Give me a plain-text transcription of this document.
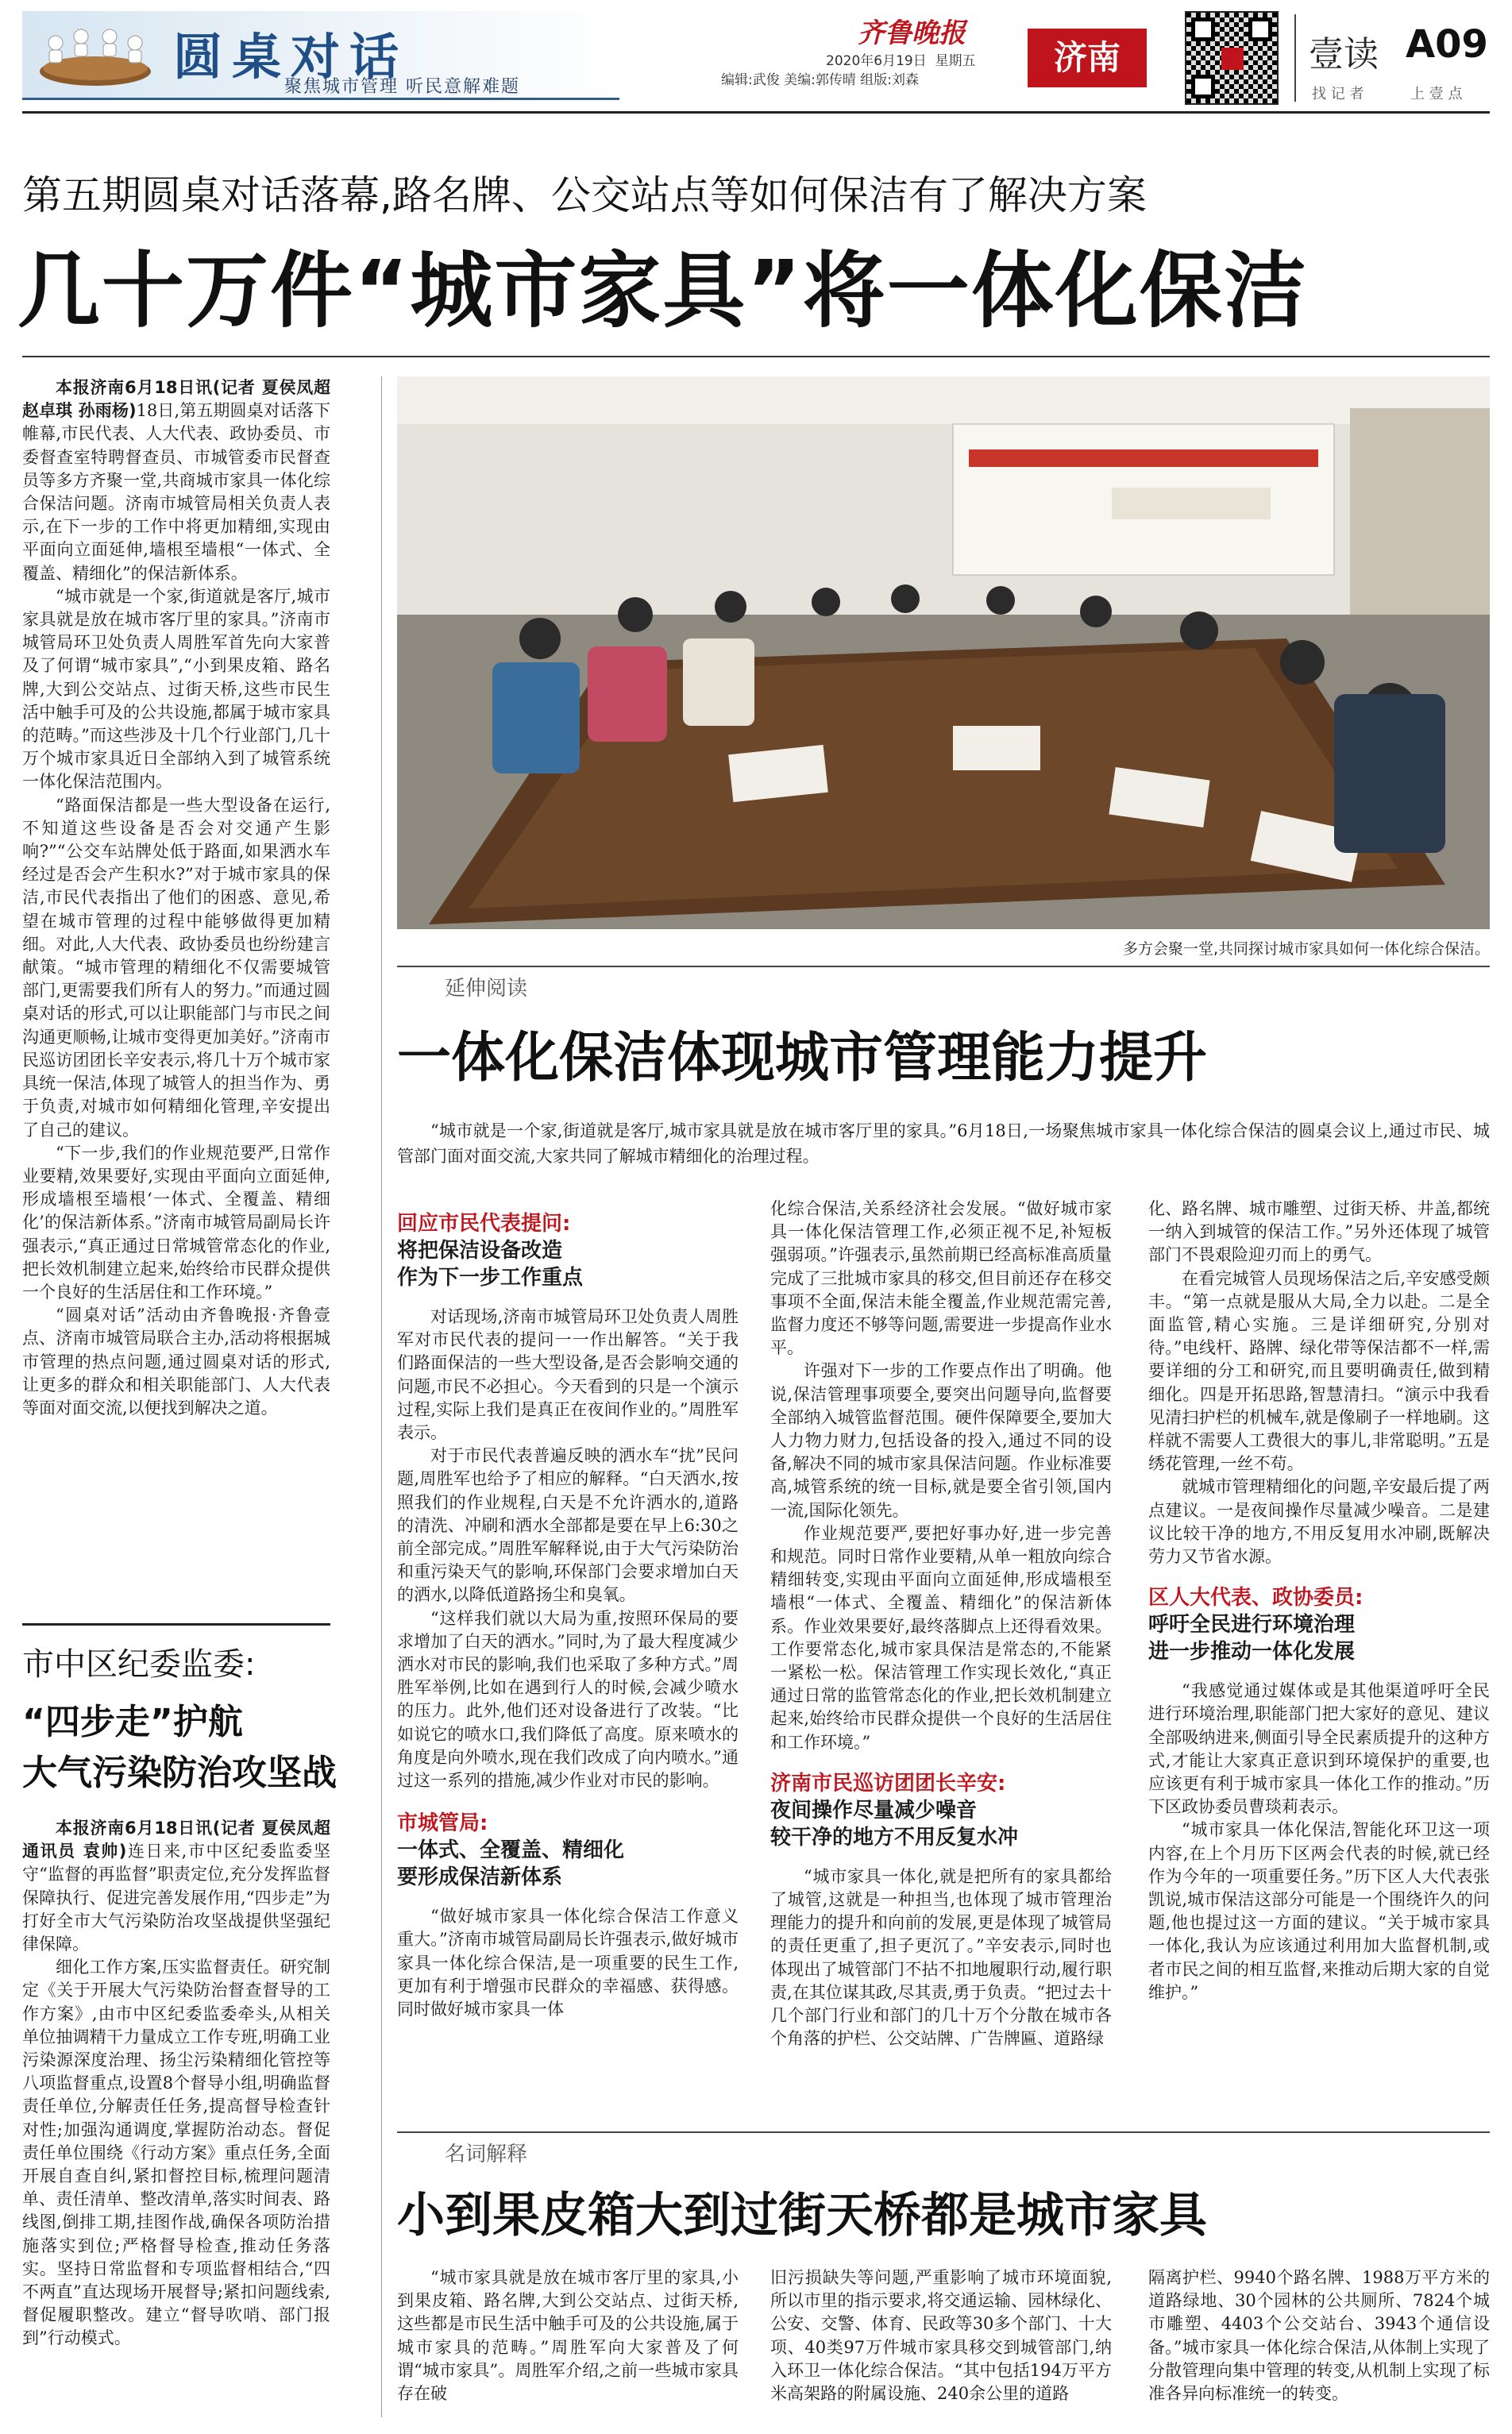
圆桌对话
聚焦城市管理 听民意解难题
齐鲁晚报
2020年6月19日 星期五
编辑:武俊 美编:郭传晴 组版:刘森
济南	壹读 A09
找 记 者	上 壹 点
第五期圆桌对话落幕,路名牌、公交站点等如何保洁有了解决方案
几十万件“城市家具”将一体化保洁

本报济南6月18日讯(记者 夏侯凤超 赵卓琪 孙雨杨)18日,第五期圆桌对话落下帷幕,市民代表、人大代表、政协委员、市委督查室特聘督查员、市城管委市民督查员等多方齐聚一堂,共商城市家具一体化综合保洁问题。济南市城管局相关负责人表示,在下一步的工作中将更加精细,实现由平面向立面延伸,墙根至墙根“一体式、全覆盖、精细化”的保洁新体系。

“城市就是一个家,街道就是客厅,城市家具就是放在城市客厅里的家具。”济南市城管局环卫处负责人周胜军首先向大家普及了何谓“城市家具”,“小到果皮箱、路名牌,大到公交站点、过街天桥,这些市民生活中触手可及的公共设施,都属于城市家具的范畴。”而这些涉及十几个行业部门,几十万个城市家具近日全部纳入到了城管系统一体化保洁范围内。

“路面保洁都是一些大型设备在运行,不知道这些设备是否会对交通产生影响?”“公交车站牌处低于路面,如果洒水车经过是否会产生积水?”对于城市家具的保洁,市民代表指出了他们的困惑、意见,希望在城市管理的过程中能够做得更加精细。对此,人大代表、政协委员也纷纷建言献策。“城市管理的精细化不仅需要城管部门,更需要我们所有人的努力。”而通过圆桌对话的形式,可以让职能部门与市民之间沟通更顺畅,让城市变得更加美好。”济南市民巡访团团长辛安表示,将几十万个城市家具统一保洁,体现了城管人的担当作为、勇于负责,对城市如何精细化管理,辛安提出了自己的建议。

“下一步,我们的作业规范要严,日常作业要精,效果要好,实现由平面向立面延伸,形成墙根至墙根‘一体式、全覆盖、精细化’的保洁新体系。”济南市城管局副局长许强表示,“真正通过日常城管常态化的作业,把长效机制建立起来,始终给市民群众提供一个良好的生活居住和工作环境。”

“圆桌对话”活动由齐鲁晚报·齐鲁壹点、济南市城管局联合主办,活动将根据城市管理的热点问题,通过圆桌对话的形式,让更多的群众和相关职能部门、人大代表等面对面交流,以便找到解决之道。

市中区纪委监委:
“四步走”护航
大气污染防治攻坚战

本报济南6月18日讯(记者 夏侯凤超 通讯员 袁帅)连日来,市中区纪委监委坚守“监督的再监督”职责定位,充分发挥监督保障执行、促进完善发展作用,“四步走”为打好全市大气污染防治攻坚战提供坚强纪律保障。

细化工作方案,压实监督责任。研究制定《关于开展大气污染防治督查督导的工作方案》,由市中区纪委监委牵头,从相关单位抽调精干力量成立工作专班,明确工业污染源深度治理、扬尘污染精细化管控等八项监督重点,设置8个督导小组,明确监督责任单位,分解责任任务,提高督导检查针对性;加强沟通调度,掌握防治动态。督促责任单位围绕《行动方案》重点任务,全面开展自查自纠,紧扣督控目标,梳理问题清单、责任清单、整改清单,落实时间表、路线图,倒排工期,挂图作战,确保各项防治措施落实到位;严格督导检查,推动任务落实。坚持日常监督和专项监督相结合,“四不两直”直达现场开展督导;紧扣问题线索,督促履职整改。建立“督导吹哨、部门报到”行动模式。

多方会聚一堂,共同探讨城市家具如何一体化综合保洁。
延伸阅读
一体化保洁体现城市管理能力提升
“城市就是一个家,街道就是客厅,城市家具就是放在城市客厅里的家具。”6月18日,一场聚焦城市家具一体化综合保洁的圆桌会议上,通过市民、城管部门面对面交流,大家共同了解城市精细化的治理过程。
回应市民代表提问:
将把保洁设备改造
作为下一步工作重点

对话现场,济南市城管局环卫处负责人周胜军对市民代表的提问一一作出解答。“关于我们路面保洁的一些大型设备,是否会影响交通的问题,市民不必担心。今天看到的只是一个演示过程,实际上我们是真正在夜间作业的。”周胜军表示。

对于市民代表普遍反映的洒水车“扰”民问题,周胜军也给予了相应的解释。“白天洒水,按照我们的作业规程,白天是不允许洒水的,道路的清洗、冲刷和洒水全部都是要在早上6:30之前全部完成。”周胜军解释说,由于大气污染防治和重污染天气的影响,环保部门会要求增加白天的洒水,以降低道路扬尘和臭氧。

“这样我们就以大局为重,按照环保局的要求增加了白天的洒水。”同时,为了最大程度减少洒水对市民的影响,我们也采取了多种方式。”周胜军举例,比如在遇到行人的时候,会减少喷水的压力。此外,他们还对设备进行了改装。“比如说它的喷水口,我们降低了高度。原来喷水的角度是向外喷水,现在我们改成了向内喷水。”通过这一系列的措施,减少作业对市民的影响。

市城管局:
一体式、全覆盖、精细化
要形成保洁新体系

“做好城市家具一体化综合保洁工作意义重大。”济南市城管局副局长许强表示,做好城市家具一体化综合保洁,是一项重要的民生工作,更加有利于增强市民群众的幸福感、获得感。同时做好城市家具一体

化综合保洁,关系经济社会发展。“做好城市家具一体化保洁管理工作,必须正视不足,补短板强弱项。”许强表示,虽然前期已经高标准高质量完成了三批城市家具的移交,但目前还存在移交事项不全面,保洁未能全覆盖,作业规范需完善,监督力度还不够等问题,需要进一步提高作业水平。

许强对下一步的工作要点作出了明确。他说,保洁管理事项要全,要突出问题导向,监督要全部纳入城管监督范围。硬件保障要全,要加大人力物力财力,包括设备的投入,通过不同的设备,解决不同的城市家具保洁问题。作业标准要高,城管系统的统一目标,就是要全省引领,国内一流,国际化领先。

作业规范要严,要把好事办好,进一步完善和规范。同时日常作业要精,从单一粗放向综合精细转变,实现由平面向立面延伸,形成墙根至墙根“一体式、全覆盖、精细化”的保洁新体系。作业效果要好,最终落脚点上还得看效果。工作要常态化,城市家具保洁是常态的,不能紧一紧松一松。保洁管理工作实现长效化,“真正通过日常的监管常态化的作业,把长效机制建立起来,始终给市民群众提供一个良好的生活居住和工作环境。”

济南市民巡访团团长辛安:
夜间操作尽量减少噪音
较干净的地方不用反复水冲

“城市家具一体化,就是把所有的家具都给了城管,这就是一种担当,也体现了城市管理治理能力的提升和向前的发展,更是体现了城管局的责任更重了,担子更沉了。”辛安表示,同时也体现出了城管部门不拈不扣地履职行动,履行职责,在其位谋其政,尽其责,勇于负责。“把过去十几个部门行业和部门的几十万个分散在城市各个角落的护栏、公交站牌、广告牌匾、道路绿

化、路名牌、城市雕塑、过街天桥、井盖,都统一纳入到城管的保洁工作。”另外还体现了城管部门不畏艰险迎刃而上的勇气。

在看完城管人员现场保洁之后,辛安感受颇丰。“第一点就是服从大局,全力以赴。二是全面监管,精心实施。三是详细研究,分别对待。”电线杆、路牌、绿化带等保洁都不一样,需要详细的分工和研究,而且要明确责任,做到精细化。四是开拓思路,智慧清扫。“演示中我看见清扫护栏的机械车,就是像刷子一样地刷。这样就不需要人工费很大的事儿,非常聪明。”五是绣花管理,一丝不苟。

就城市管理精细化的问题,辛安最后提了两点建议。一是夜间操作尽量减少噪音。二是建议比较干净的地方,不用反复用水冲刷,既解决劳力又节省水源。

区人大代表、政协委员:
呼吁全民进行环境治理
进一步推动一体化发展

“我感觉通过媒体或是其他渠道呼吁全民进行环境治理,职能部门把大家好的意见、建议全部吸纳进来,侧面引导全民素质提升的这种方式,才能让大家真正意识到环境保护的重要,也应该更有利于城市家具一体化工作的推动。”历下区政协委员曹琰莉表示。

“城市家具一体化保洁,智能化环卫这一项内容,在上个月历下区两会代表的时候,就已经作为今年的一项重要任务。”历下区人大代表张凯说,城市保洁这部分可能是一个围绕许久的问题,他也提过这一方面的建议。“关于城市家具一体化,我认为应该通过利用加大监督机制,或者市民之间的相互监督,来推动后期大家的自觉维护。”

名词解释
小到果皮箱大到过街天桥都是城市家具
“城市家具就是放在城市客厅里的家具,小到果皮箱、路名牌,大到公交站点、过街天桥,这些都是市民生活中触手可及的公共设施,属于城市家具的范畴。”周胜军向大家普及了何谓“城市家具”。周胜军介绍,之前一些城市家具存在破
旧污损缺失等问题,严重影响了城市环境面貌,所以市里的指示要求,将交通运输、园林绿化、公安、交警、体育、民政等30多个部门、十大项、40类97万件城市家具移交到城管部门,纳入环卫一体化综合保洁。“其中包括194万平方米高架路的附属设施、240余公里的道路
隔离护栏、9940个路名牌、1988万平方米的道路绿地、30个园林的公共厕所、7824个城市雕塑、4403个公交站台、3943个通信设备。”城市家具一体化综合保洁,从体制上实现了分散管理向集中管理的转变,从机制上实现了标准各异向标准统一的转变。
